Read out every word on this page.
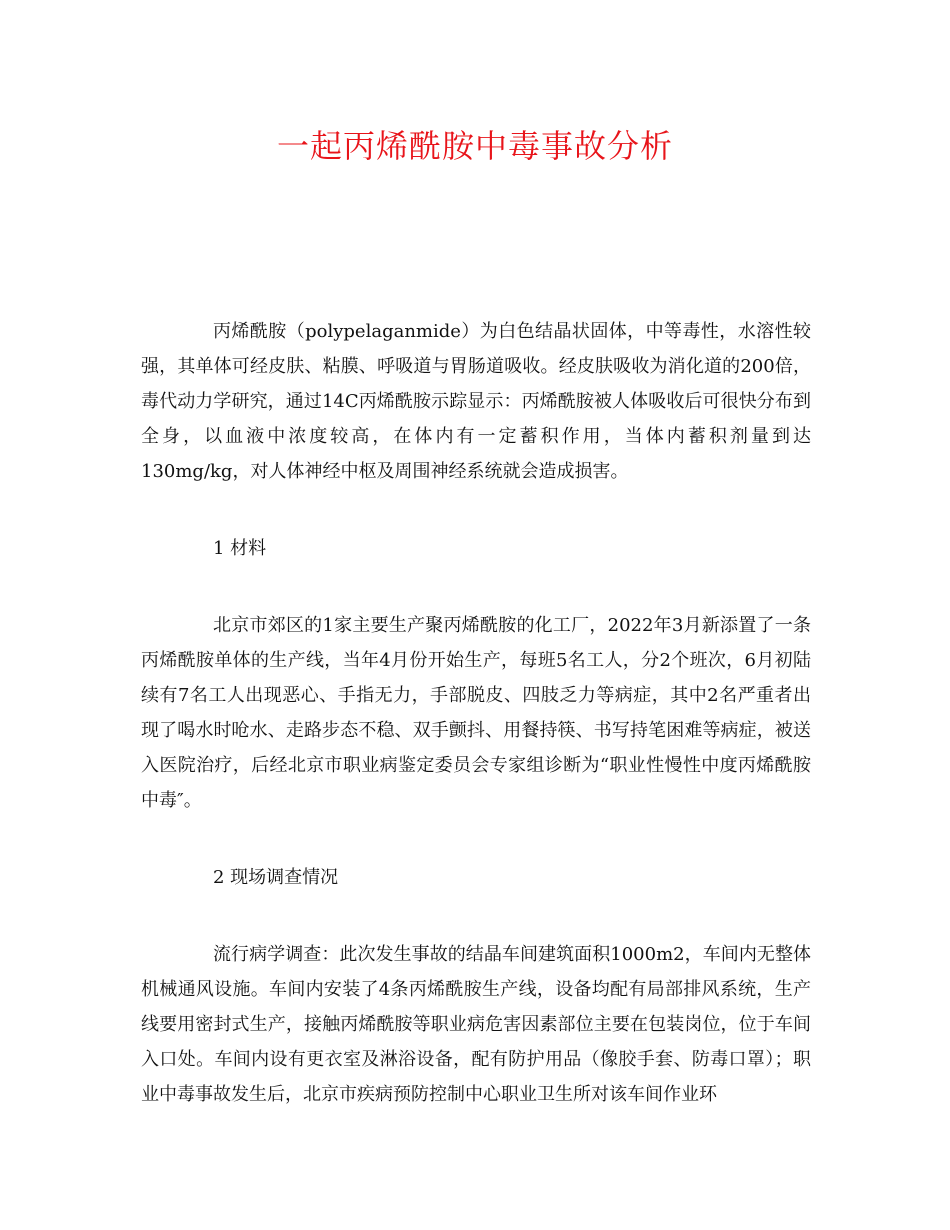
一起丙烯酰胺中毒事故分析

丙烯酰胺（polypelaganmide）为白色结晶状固体，中等毒性，水溶性较强，其单体可经皮肤、粘膜、呼吸道与胃肠道吸收。经皮肤吸收为消化道的200倍，毒代动力学研究，通过14C丙烯酰胺示踪显示：丙烯酰胺被人体吸收后可很快分布到全身，以血液中浓度较高，在体内有一定蓄积作用，当体内蓄积剂量到达130mg/kg，对人体神经中枢及周围神经系统就会造成损害。

1 材料

北京市郊区的1家主要生产聚丙烯酰胺的化工厂，2022年3月新添置了一条丙烯酰胺单体的生产线，当年4月份开始生产，每班5名工人，分2个班次，6月初陆续有7名工人出现恶心、手指无力，手部脱皮、四肢乏力等病症，其中2名严重者出现了喝水时呛水、走路步态不稳、双手颤抖、用餐持筷、书写持笔困难等病症，被送入医院治疗，后经北京市职业病鉴定委员会专家组诊断为“职业性慢性中度丙烯酰胺中毒″。

2 现场调查情况

流行病学调查：此次发生事故的结晶车间建筑面积1000m2，车间内无整体机械通风设施。车间内安装了4条丙烯酰胺生产线，设备均配有局部排风系统，生产线要用密封式生产，接触丙烯酰胺等职业病危害因素部位主要在包装岗位，位于车间入口处。车间内设有更衣室及淋浴设备，配有防护用品（像胶手套、防毒口罩）；职业中毒事故发生后，北京市疾病预防控制中心职业卫生所对该车间作业环
